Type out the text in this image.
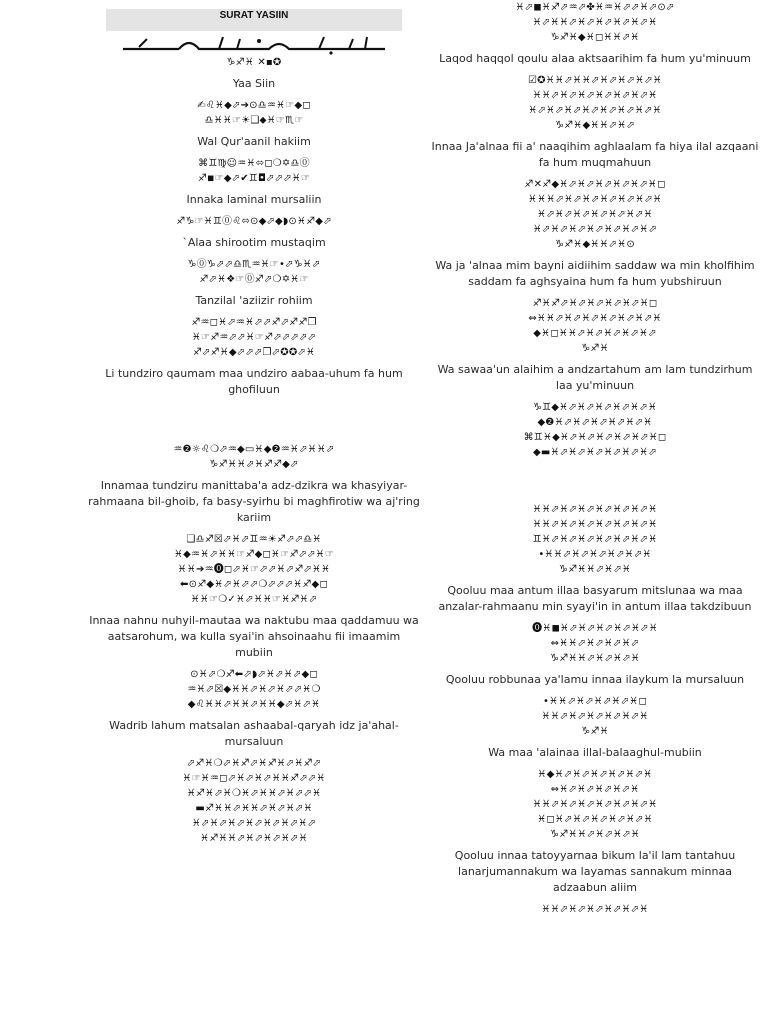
SURAT YASIIN
♑♐♓ ✕▪✪
Yaa Siin
✍♌♓◆⬀➔⊙♎♒♓☞◆◻
♎♓♓☞☀❑⬥♓☞♏☞
Wal Qur'aanil hakiim
⌘♊♍☺♒♓⬄◻❍✡♎⓪
♐◾☞◆⬀✔♊◘⬀⬀⬀♓☞
Innaka laminal mursaliin
♐♑☞♓♊⓪♌⬄⊙◆⬀◆◗⊙♓♐◆⬀
`Alaa shirootim mustaqim
♑⓪♑⬀⬀♎♏♒♓☞•⬀♑♓⬀
♐⬀♓❖☞⓪♐⬀❍✡♓☞
Tanzilal 'aziizir rohiim
♐♒◻♓⬀♒♓⬀⬀♐⬀♐♐❐
♓☞♐♒⬀⬀♓☞♐⬀⬀⬀⬀⬀
♐⬀♐♓◆⬀⬀⬀❐⬀✪✪⬀♓
Li tundziro qaumam maa undziro aabaa-uhum fa hum ghofiluun
♒❷☼♌❍⬀♒◆▭♓◆❷♒♓⬀♓♓⬀
♑♐♓♓⬀♓♐♐◆⬀
Innamaa tundziru manittaba'a adz-dzikra wa khasyiyar-rahmaana bil-ghoib, fa basy-syirhu bi maghfirotiw wa aj'ring kariim
❑♎♐☒⬀♓⬀♊♒☀♐⬀⬀♎♓
♓◆♒♓⬀♓♓☞♐◆◻♓☞♐⬀⬀♓☞
♓♓➔♒⓿◻⬀♓☞⬀⬀♓⬀♐⬀♓♓
⬅⊙♐◆♓⬀♓⬀⬀❍⬀⬀⬀♓♐◆◻
♓♓☞❍✓♓⬀♓♓☞♓♐♓⬀
Innaa nahnu nuhyil-mautaa wa naktubu maa qaddamuu wa aatsarohum, wa kulla syai'in ahsoinaahu fii imaamim mubiin
⊙♓⬀❍♐⬅⬀◗⬀♓⬀♓⬀◆◻
♒♓⬀☒◆♓♓⬀♓⬀♓⬀⬀♓❍
◆♌♓♓⬀♓♓⬀♓♓◆⬀♓⬀♓
Wadrib lahum matsalan ashaabal-qaryah idz ja'ahal-mursaluun
⬀♐♓❍⬀♓♐⬀♓♐♓⬀♓♐⬀
♓☞♓♒◻⬀♓⬀♓⬀♓♓♐⬀⬀♓
♓♐♓⬀♓❍♓⬀♓♓⬀♓⬀⬀♓
▬♐♓♓⬀♓♓⬀♓⬀♓⬀♓
♓⬀♓⬀♓⬀♓⬀♓⬀♓⬀♓⬀
♓♐♓♓⬀♓⬀♓⬀♓⬀♓
♓⬀◼♓♐⬀♒⬀✤♓♒♓⬀⬀♓⬀⊙⬀
♓⬀♓♓⬀♓⬀♓⬀♓⬀♓⬀♓
♑♐♓◆♓◻♓♓⬀♓
Laqod haqqol qoulu alaa aktsaarihim fa hum yu'minuum
☑✪♓♓⬀♓♓⬀♓⬀♓⬀♓⬀♓
♓♓⬀♓⬀♓⬀♓⬀♓⬀♓⬀♓
♓⬀♓⬀♓⬀♓⬀♓⬀♓⬀♓⬀♓
♑♐♓◆♓♓⬀♓⬀
Innaa Ja'alnaa fii a' naaqihim aghlaalam fa hiya ilal azqaani fa hum muqmahuun
♐✕♐◆♓⬀♓⬀♓⬀♓⬀♓⬀♓◻
♓♓♓⬀♓⬀♓⬀♓⬀♓⬀♓⬀♓
♓⬀♓⬀♓⬀♓⬀♓⬀♓⬀♓
♓⬀♓⬀♓⬀♓⬀♓⬀♓⬀♓⬀
♑♐♓◆♓♓⬀♓⊙
Wa ja 'alnaa mim bayni aidiihim saddaw wa min kholfihim saddam fa aghsyaina hum fa hum yubshiruun
♐♓♐⬀♓⬀♓⬀♓⬀♓⬀♓◻
⇔♓♓⬀♓⬀♓⬀♓⬀♓⬀♓⬀♓
◆♓◻♓♓⬀♓⬀♓⬀♓⬀♓⬀
♑♐♓
Wa sawaa'un alaihim a andzartahum am lam tundzirhum laa yu'minuun
♑♊◆♓⬀♓⬀♓⬀♓⬀♓⬀♓
◆❷♓⬀♓⬀♓⬀♓⬀♓⬀♓
⌘♊♓◆♓⬀♓⬀♓⬀♓⬀♓⬀♓◻
◆▬♓⬀♓⬀♓⬀♓⬀♓⬀♓⬀
♓♓⬀♓⬀♓⬀♓⬀♓⬀♓⬀♓
♓♓⬀♓⬀♓⬀♓⬀♓⬀♓⬀♓
♊♓⬀♓⬀♓⬀♓⬀♓⬀♓⬀♓
•♓♓⬀♓⬀♓⬀♓⬀♓⬀♓
♑♐♓♓⬀♓⬀♓
Qooluu maa antum illaa basyarum mitslunaa wa maa anzalar-rahmaanu min syayi'in in antum illaa takdzibuun
⓿♓◼♓⬀♓⬀♓⬀♓⬀♓⬀♓
⇔♓♓⬀♓⬀♓⬀♓⬀
♑♐♓♓⬀♓⬀♓⬀♓
Qooluu robbunaa ya'lamu innaa ilaykum la mursaluun
•♓♓⬀♓⬀♓⬀♓⬀♓◻
♓♓⬀♓⬀♓⬀♓⬀♓⬀♓
♑♐♓
Wa maa 'alainaa illal-balaaghul-mubiin
♓◆♓⬀♓⬀♓⬀♓⬀♓⬀♓
⇔♓⬀♓⬀♓⬀♓⬀♓
♓♓⬀♓⬀♓⬀♓⬀♓⬀♓⬀♓
♓◻♓⬀♓⬀♓⬀♓⬀♓⬀♓
♑♐♓♓⬀♓⬀♓⬀♓
Qooluu innaa tatoyyarnaa bikum la'il lam tantahuu lanarjumannakum wa layamas sannakum minnaa adzaabun aliim
♓♓⬀♓⬀♓⬀♓⬀♓⬀♓
